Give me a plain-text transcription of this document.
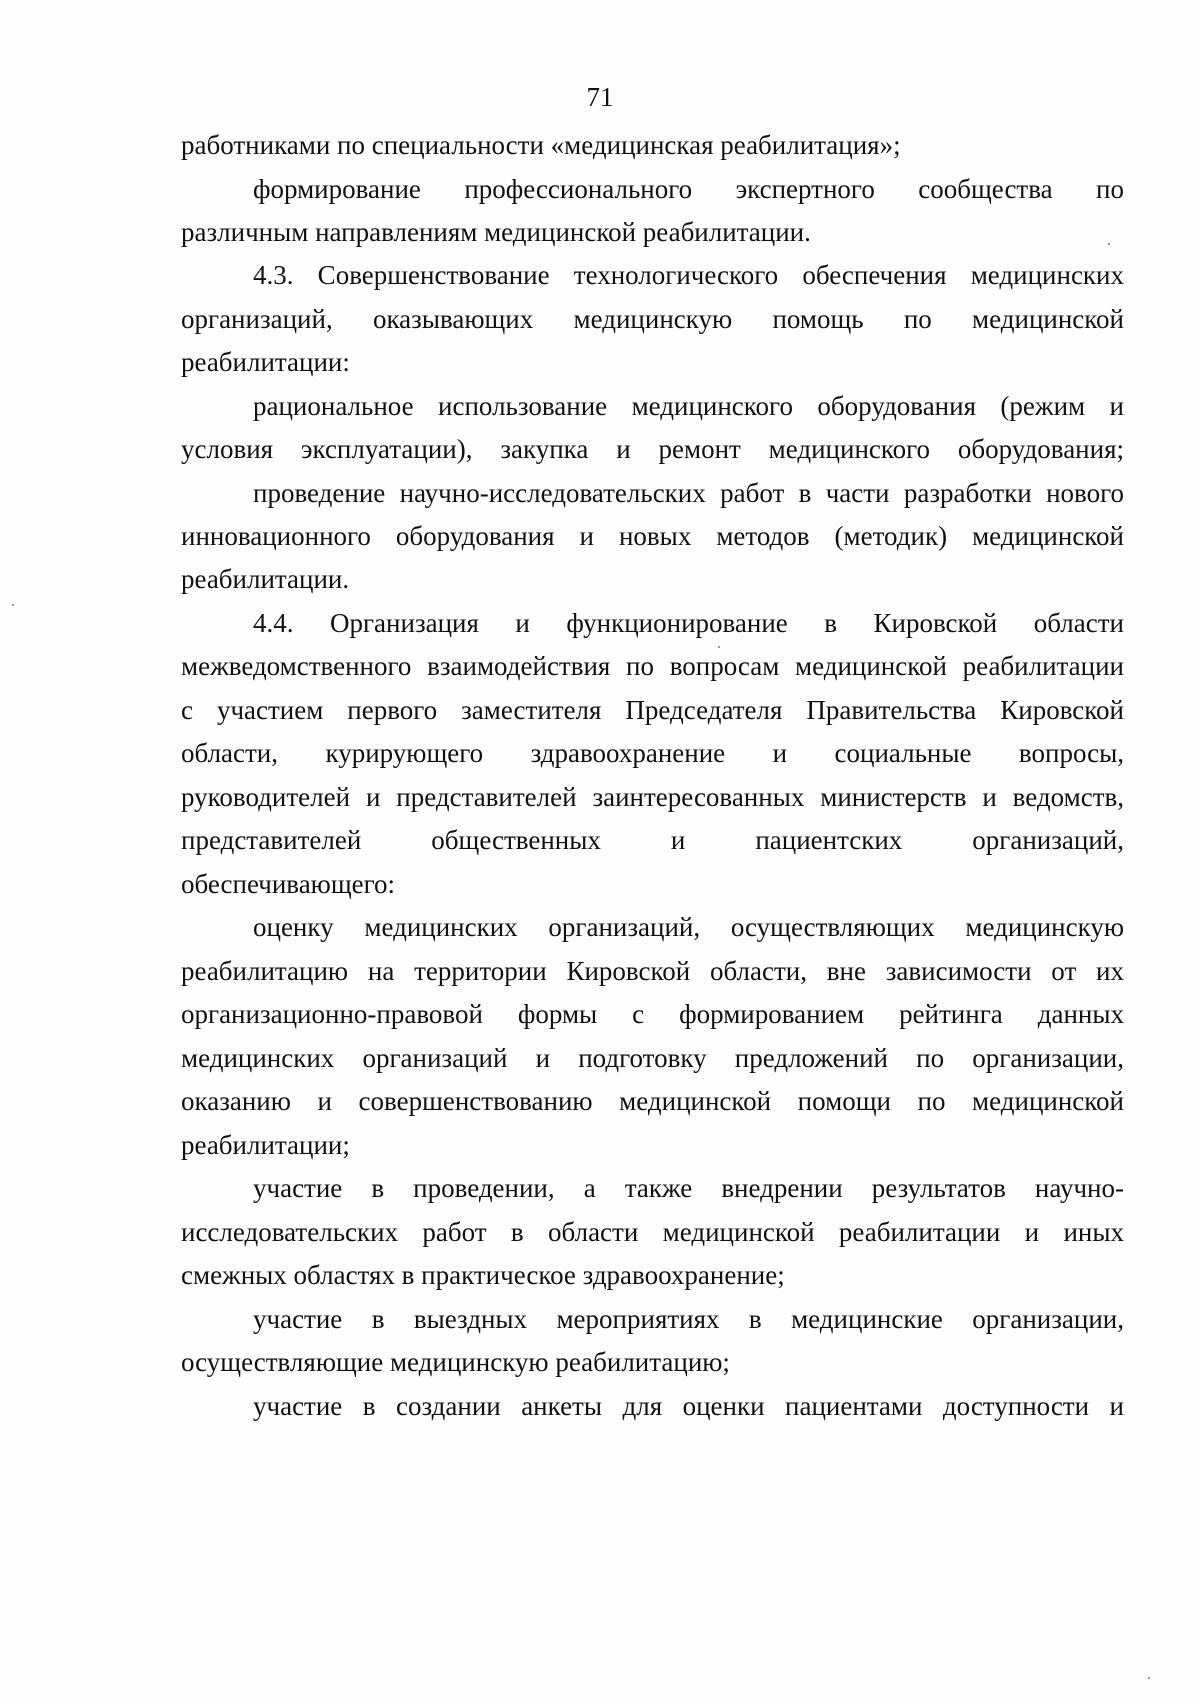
71
работниками по специальности «медицинская реабилитация»;
формирование профессионального экспертного сообщества по
различным направлениям медицинской реабилитации.
4.3. Совершенствование технологического обеспечения медицинских
организаций, оказывающих медицинскую помощь по медицинской
реабилитации:
рациональное использование медицинского оборудования (режим и
условия эксплуатации), закупка и ремонт медицинского оборудования;
проведение научно-исследовательских работ в части разработки нового
инновационного оборудования и новых методов (методик) медицинской
реабилитации.
4.4. Организация и функционирование в Кировской области
межведомственного взаимодействия по вопросам медицинской реабилитации
с участием первого заместителя Председателя Правительства Кировской
области, курирующего здравоохранение и социальные вопросы,
руководителей и представителей заинтересованных министерств и ведомств,
представителей общественных и пациентских организаций,
обеспечивающего:
оценку медицинских организаций, осуществляющих медицинскую
реабилитацию на территории Кировской области, вне зависимости от их
организационно-правовой формы с формированием рейтинга данных
медицинских организаций и подготовку предложений по организации,
оказанию и совершенствованию медицинской помощи по медицинской
реабилитации;
участие в проведении, а также внедрении результатов научно-
исследовательских работ в области медицинской реабилитации и иных
смежных областях в практическое здравоохранение;
участие в выездных мероприятиях в медицинские организации,
осуществляющие медицинскую реабилитацию;
участие в создании анкеты для оценки пациентами доступности и
